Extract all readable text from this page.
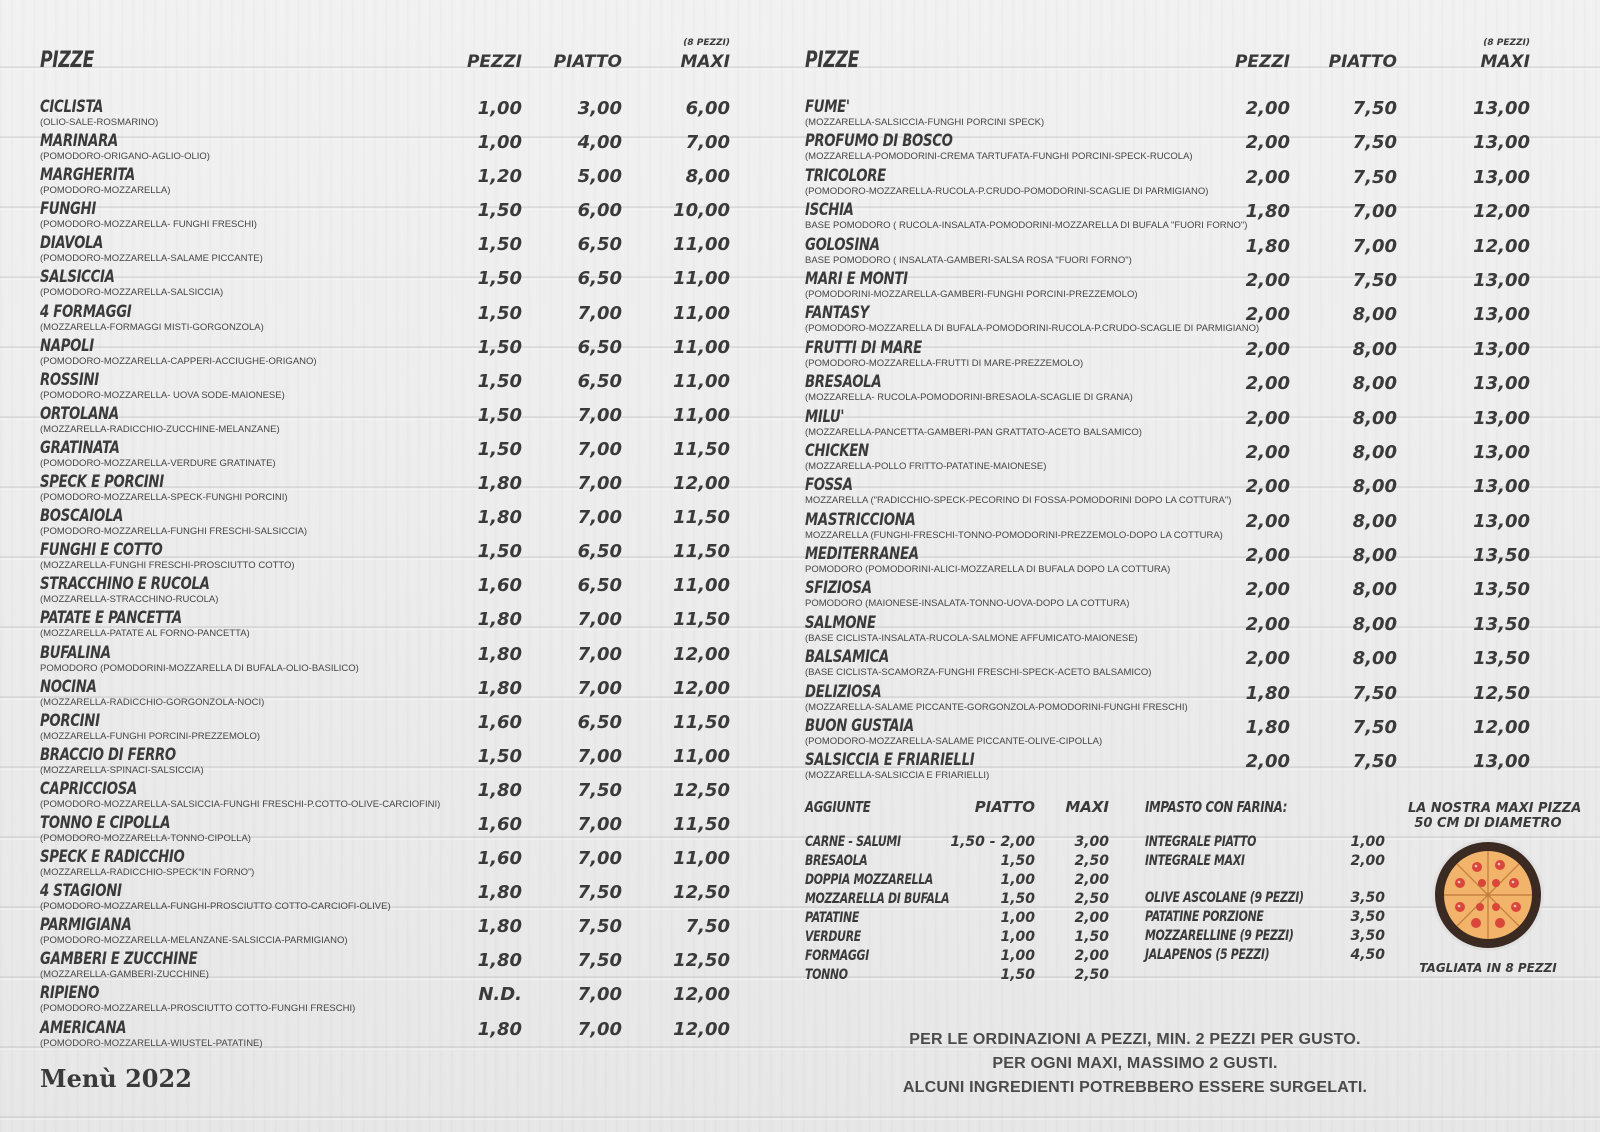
PIZZE	PEZZI PIATTO
(8 PEZZI)
MAXI
CICLISTA
(OLIO-SALE-ROSMARINO)
1,00	3,00	6,00
MARINARA
(POMODORO-ORIGANO-AGLIO-OLIO)
1,00	4,00	7,00
MARGHERITA
(POMODORO-MOZZARELLA)
1,20	5,00	8,00
FUNGHI
(POMODORO-MOZZARELLA- FUNGHI FRESCHI)
1,50	6,00	10,00
DIAVOLA
(POMODORO-MOZZARELLA-SALAME PICCANTE)
1,50	6,50	11,00
SALSICCIA
(POMODORO-MOZZARELLA-SALSICCIA)
1,50	6,50	11,00
4 FORMAGGI
(MOZZARELLA-FORMAGGI MISTI-GORGONZOLA)
1,50	7,00	11,00
NAPOLI
(POMODORO-MOZZARELLA-CAPPERI-ACCIUGHE-ORIGANO)
1,50	6,50	11,00
ROSSINI
(POMODORO-MOZZARELLA- UOVA SODE-MAIONESE)
1,50	6,50	11,00
ORTOLANA
(MOZZARELLA-RADICCHIO-ZUCCHINE-MELANZANE)
1,50	7,00	11,00
GRATINATA
(POMODORO-MOZZARELLA-VERDURE GRATINATE)
1,50	7,00	11,50
SPECK E PORCINI
(POMODORO-MOZZARELLA-SPECK-FUNGHI PORCINI)
1,80	7,00	12,00
BOSCAIOLA
(POMODORO-MOZZARELLA-FUNGHI FRESCHI-SALSICCIA)
1,80	7,00	11,50
FUNGHI E COTTO
(MOZZARELLA-FUNGHI FRESCHI-PROSCIUTTO COTTO)
1,50	6,50	11,50
STRACCHINO E RUCOLA
(MOZZARELLA-STRACCHINO-RUCOLA)
1,60	6,50	11,00
PATATE E PANCETTA
(MOZZARELLA-PATATE AL FORNO-PANCETTA)
1,80	7,00	11,50
BUFALINA
POMODORO (POMODORINI-MOZZARELLA DI BUFALA-OLIO-BASILICO)
1,80	7,00	12,00
NOCINA
(MOZZARELLA-RADICCHIO-GORGONZOLA-NOCI)
1,80	7,00	12,00
PORCINI
(MOZZARELLA-FUNGHI PORCINI-PREZZEMOLO)
1,60	6,50	11,50
BRACCIO DI FERRO
(MOZZARELLA-SPINACI-SALSICCIA)
1,50	7,00	11,00
CAPRICCIOSA
(POMODORO-MOZZARELLA-SALSICCIA-FUNGHI FRESCHI-P.COTTO-OLIVE-CARCIOFINI)
1,80	7,50	12,50
TONNO E CIPOLLA
(POMODORO-MOZZARELLA-TONNO-CIPOLLA)
1,60	7,00	11,50
SPECK E RADICCHIO
(MOZZARELLA-RADICCHIO-SPECK“IN FORNO”)
1,60	7,00	11,00
4 STAGIONI
(POMODORO-MOZZARELLA-FUNGHI-PROSCIUTTO COTTO-CARCIOFI-OLIVE)
1,80	7,50	12,50
PARMIGIANA
(POMODORO-MOZZARELLA-MELANZANE-SALSICCIA-PARMIGIANO)
1,80	7,50	7,50
GAMBERI E ZUCCHINE
(MOZZARELLA-GAMBERI-ZUCCHINE)
1,80	7,50	12,50
RIPIENO
(POMODORO-MOZZARELLA-PROSCIUTTO COTTO-FUNGHI FRESCHI)
N.D.	7,00	12,00
AMERICANA
(POMODORO-MOZZARELLA-WIUSTEL-PATATINE)
1,80	7,00	12,00
PIZZE	PEZZI PIATTO
(8 PEZZI)
MAXI
FUME'
(MOZZARELLA-SALSICCIA-FUNGHI PORCINI SPECK)
2,00	7,50	13,00
PROFUMO DI BOSCO
(MOZZARELLA-POMODORINI-CREMA TARTUFATA-FUNGHI PORCINI-SPECK-RUCOLA)
2,00	7,50	13,00
TRICOLORE
(POMODORO-MOZZARELLA-RUCOLA-P.CRUDO-POMODORINI-SCAGLIE DI PARMIGIANO)
2,00	7,50	13,00
ISCHIA
BASE POMODORO ( RUCOLA-INSALATA-POMODORINI-MOZZARELLA DI BUFALA "FUORI FORNO")
1,80	7,00	12,00
GOLOSINA
BASE POMODORO ( INSALATA-GAMBERI-SALSA ROSA "FUORI FORNO")
1,80	7,00	12,00
MARI E MONTI
(POMODORINI-MOZZARELLA-GAMBERI-FUNGHI PORCINI-PREZZEMOLO)
2,00	7,50	13,00
FANTASY
(POMODORO-MOZZARELLA DI BUFALA-POMODORINI-RUCOLA-P.CRUDO-SCAGLIE DI PARMIGIANO)
2,00	8,00	13,00
FRUTTI DI MARE
(POMODORO-MOZZARELLA-FRUTTI DI MARE-PREZZEMOLO)
2,00	8,00	13,00
BRESAOLA
(MOZZARELLA- RUCOLA-POMODORINI-BRESAOLA-SCAGLIE DI GRANA)
2,00	8,00	13,00
MILU'
(MOZZARELLA-PANCETTA-GAMBERI-PAN GRATTATO-ACETO BALSAMICO)
2,00	8,00	13,00
CHICKEN
(MOZZARELLA-POLLO FRITTO-PATATINE-MAIONESE)
2,00	8,00	13,00
FOSSA
MOZZARELLA ("RADICCHIO-SPECK-PECORINO DI FOSSA-POMODORINI DOPO LA COTTURA")
2,00	8,00	13,00
MASTRICCIONA
MOZZARELLA (FUNGHI-FRESCHI-TONNO-POMODORINI-PREZZEMOLO-DOPO LA COTTURA)
2,00	8,00	13,00
MEDITERRANEA
POMODORO (POMODORINI-ALICI-MOZZARELLA DI BUFALA DOPO LA COTTURA)
2,00	8,00	13,50
SFIZIOSA
POMODORO (MAIONESE-INSALATA-TONNO-UOVA-DOPO LA COTTURA)
2,00	8,00	13,50
SALMONE
(BASE CICLISTA-INSALATA-RUCOLA-SALMONE AFFUMICATO-MAIONESE)
2,00	8,00	13,50
BALSAMICA
(BASE CICLISTA-SCAMORZA-FUNGHI FRESCHI-SPECK-ACETO BALSAMICO)
2,00	8,00	13,50
DELIZIOSA
(MOZZARELLA-SALAME PICCANTE-GORGONZOLA-POMODORINI-FUNGHI FRESCHI)
1,80	7,50	12,50
BUON GUSTAIA
(POMODORO-MOZZARELLA-SALAME PICCANTE-OLIVE-CIPOLLA)
1,80	7,50	12,00
SALSICCIA E FRIARIELLI
(MOZZARELLA-SALSICCIA E FRIARIELLI)
2,00	7,50	13,00
AGGIUNTE	PIATTO MAXI
CARNE - SALUMI	1,50 - 2,00	3,00
BRESAOLA	1,50	2,50
DOPPIA MOZZARELLA	1,00	2,00
MOZZARELLA DI BUFALA	1,50	2,50
PATATINE	1,00	2,00
VERDURE	1,00	1,50
FORMAGGI	1,00	2,00
TONNO	1,50	2,50
IMPASTO CON FARINA:
INTEGRALE PIATTO	1,00
INTEGRALE MAXI	2,00
OLIVE ASCOLANE (9 PEZZI)	3,50
PATATINE PORZIONE	3,50
MOZZARELLINE (9 PEZZI)	3,50
JALAPENOS (5 PEZZI)	4,50
LA NOSTRA MAXI PIZZA
50 CM DI DIAMETRO
TAGLIATA IN 8 PEZZI
PER LE ORDINAZIONI A PEZZI, MIN. 2 PEZZI PER GUSTO.
PER OGNI MAXI, MASSIMO 2 GUSTI.
ALCUNI INGREDIENTI POTREBBERO ESSERE SURGELATI.
Menù 2022
